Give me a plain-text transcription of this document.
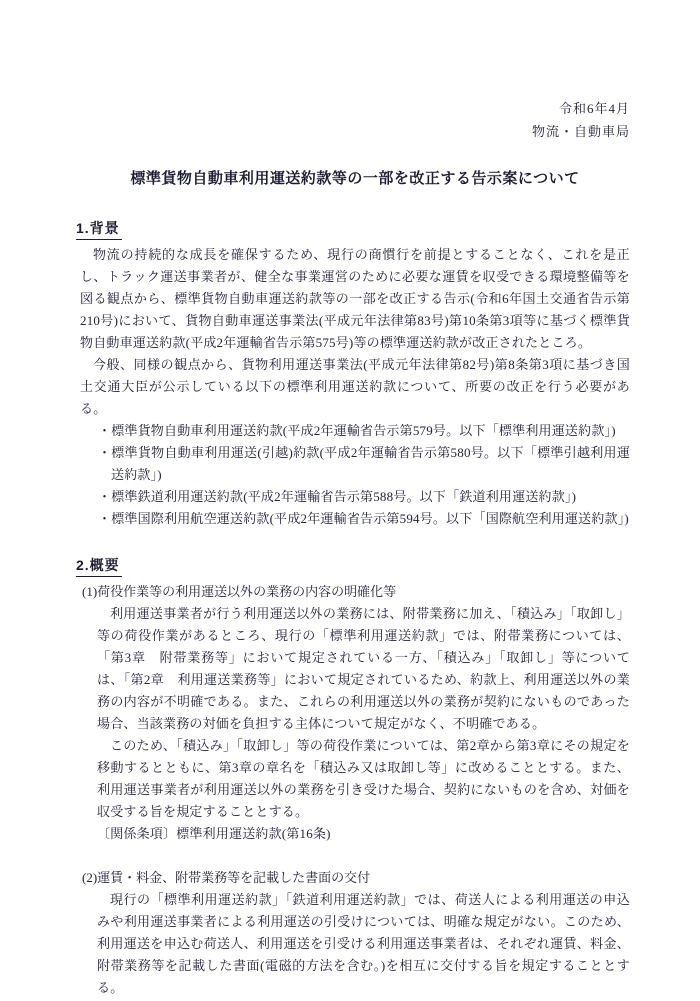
令和6年4月
物流・自動車局
標準貨物自動車利用運送約款等の一部を改正する告示案について
1.背景

物流の持続的な成長を確保するため、現行の商慣行を前提とすることなく、これを是正し、トラック運送事業者が、健全な事業運営のために必要な運賃を収受できる環境整備等を図る観点から、標準貨物自動車運送約款等の一部を改正する告示(令和6年国土交通省告示第210号)において、貨物自動車運送事業法(平成元年法律第83号)第10条第3項等に基づく標準貨物自動車運送約款(平成2年運輸省告示第575号)等の標準運送約款が改正されたところ。

今般、同様の観点から、貨物利用運送事業法(平成元年法律第82号)第8条第3項に基づき国土交通大臣が公示している以下の標準利用運送約款について、所要の改正を行う必要がある。

・標準貨物自動車利用運送約款(平成2年運輸省告示第579号。以下「標準利用運送約款」)
・標準貨物自動車利用運送(引越)約款(平成2年運輸省告示第580号。以下「標準引越利用運送約款」)
・標準鉄道利用運送約款(平成2年運輸省告示第588号。以下「鉄道利用運送約款」)
・標準国際利用航空運送約款(平成2年運輸省告示第594号。以下「国際航空利用運送約款」)
2.概要

(1)荷役作業等の利用運送以外の業務の内容の明確化等

利用運送事業者が行う利用運送以外の業務には、附帯業務に加え、「積込み」「取卸し」等の荷役作業があるところ、現行の「標準利用運送約款」では、附帯業務については、「第3章　附帯業務等」において規定されている一方、「積込み」「取卸し」等については、「第2章　利用運送業務等」において規定されているため、約款上、利用運送以外の業務の内容が不明確である。また、これらの利用運送以外の業務が契約にないものであった場合、当該業務の対価を負担する主体について規定がなく、不明確である。

このため、「積込み」「取卸し」等の荷役作業については、第2章から第3章にその規定を移動するとともに、第3章の章名を「積込み又は取卸し等」に改めることとする。また、利用運送事業者が利用運送以外の業務を引き受けた場合、契約にないものを含め、対価を収受する旨を規定することとする。

〔関係条項〕標準利用運送約款(第16条)

(2)運賃・料金、附帯業務等を記載した書面の交付

現行の「標準利用運送約款」「鉄道利用運送約款」では、荷送人による利用運送の申込みや利用運送事業者による利用運送の引受けについては、明確な規定がない。このため、利用運送を申込む荷送人、利用運送を引受ける利用運送事業者は、それぞれ運賃、料金、附帯業務等を記載した書面(電磁的方法を含む。)を相互に交付する旨を規定することとする。
